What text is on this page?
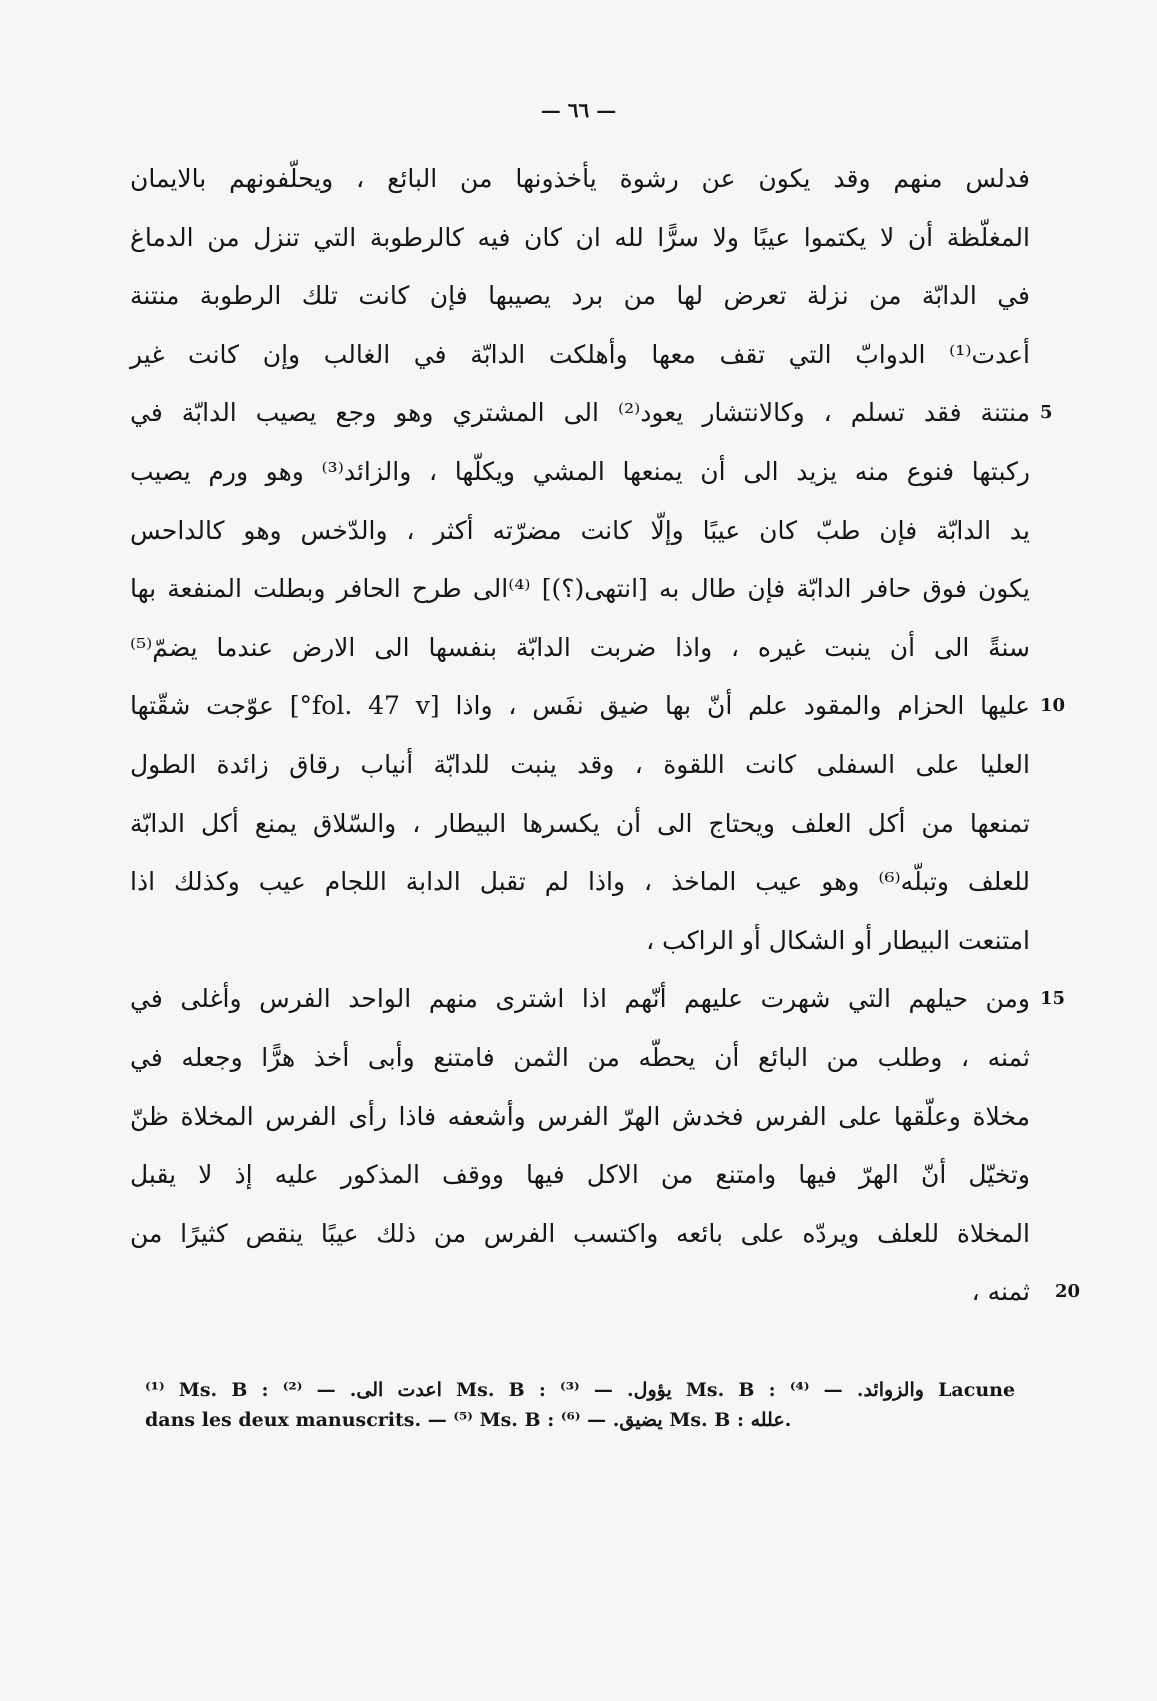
— ٦٦ —
فدلس منهم وقد يكون عن رشوة يأخذونها من البائع ، ويحلّفونهم بالايمان
المغلّظة أن لا يكتموا عيبًا ولا سرًّا لله ان كان فيه كالرطوبة التي تنزل من الدماغ
في الدابّة من نزلة تعرض لها من برد يصيبها فإن كانت تلك الرطوبة منتنة
أعدت⁽¹⁾ الدوابّ التي تقف معها وأهلكت الدابّة في الغالب وإن كانت غير
منتنة فقد تسلم ، وكالانتشار يعود⁽²⁾ الى المشتري وهو وجع يصيب الدابّة في 5
ركبتها فنوع منه يزيد الى أن يمنعها المشي ويكلّها ، والزائد⁽³⁾ وهو ورم يصيب
يد الدابّة فإن طبّ كان عيبًا وإلّا كانت مضرّته أكثر ، والدّخس وهو كالداحس
يكون فوق حافر الدابّة فإن طال به [انتهى(؟)] ⁽⁴⁾الى طرح الحافر وبطلت المنفعة بها
سنةً الى أن ينبت غيره ، واذا ضربت الدابّة بنفسها الى الارض عندما يضمّ⁽⁵⁾
عليها الحزام والمقود علم أنّ بها ضيق نفَس ، واذا [fol. 47 v°] عوّجت شقّتها 10
العليا على السفلى كانت اللقوة ، وقد ينبت للدابّة أنياب رقاق زائدة الطول
تمنعها من أكل العلف ويحتاج الى أن يكسرها البيطار ، والسّلاق يمنع أكل الدابّة
للعلف وتبلّه⁽⁶⁾ وهو عيب الماخذ ، واذا لم تقبل الدابة اللجام عيب وكذلك اذا
امتنعت البيطار أو الشكال أو الراكب ،
ومن حيلهم التي شهرت عليهم أنّهم اذا اشترى منهم الواحد الفرس وأغلى في 15
ثمنه ، وطلب من البائع أن يحطّه من الثمن فامتنع وأبى أخذ هرًّا وجعله في
مخلاة وعلّقها على الفرس فخدش الهرّ الفرس وأشعفه فاذا رأى الفرس المخلاة ظنّ
وتخيّل أنّ الهرّ فيها وامتنع من الاكل فيها ووقف المذكور عليه إذ لا يقبل
المخلاة للعلف ويردّه على بائعه واكتسب الفرس من ذلك عيبًا ينقص كثيرًا من
ثمنه ،	20
⁽¹⁾ Ms. B : اعدت الى. — ⁽²⁾ Ms. B : يؤول. — ⁽³⁾ Ms. B : والزوائد. — ⁽⁴⁾ Lacune
dans les deux manuscrits. — ⁽⁵⁾ Ms. B : يضيق. — ⁽⁶⁾ Ms. B : علله.
